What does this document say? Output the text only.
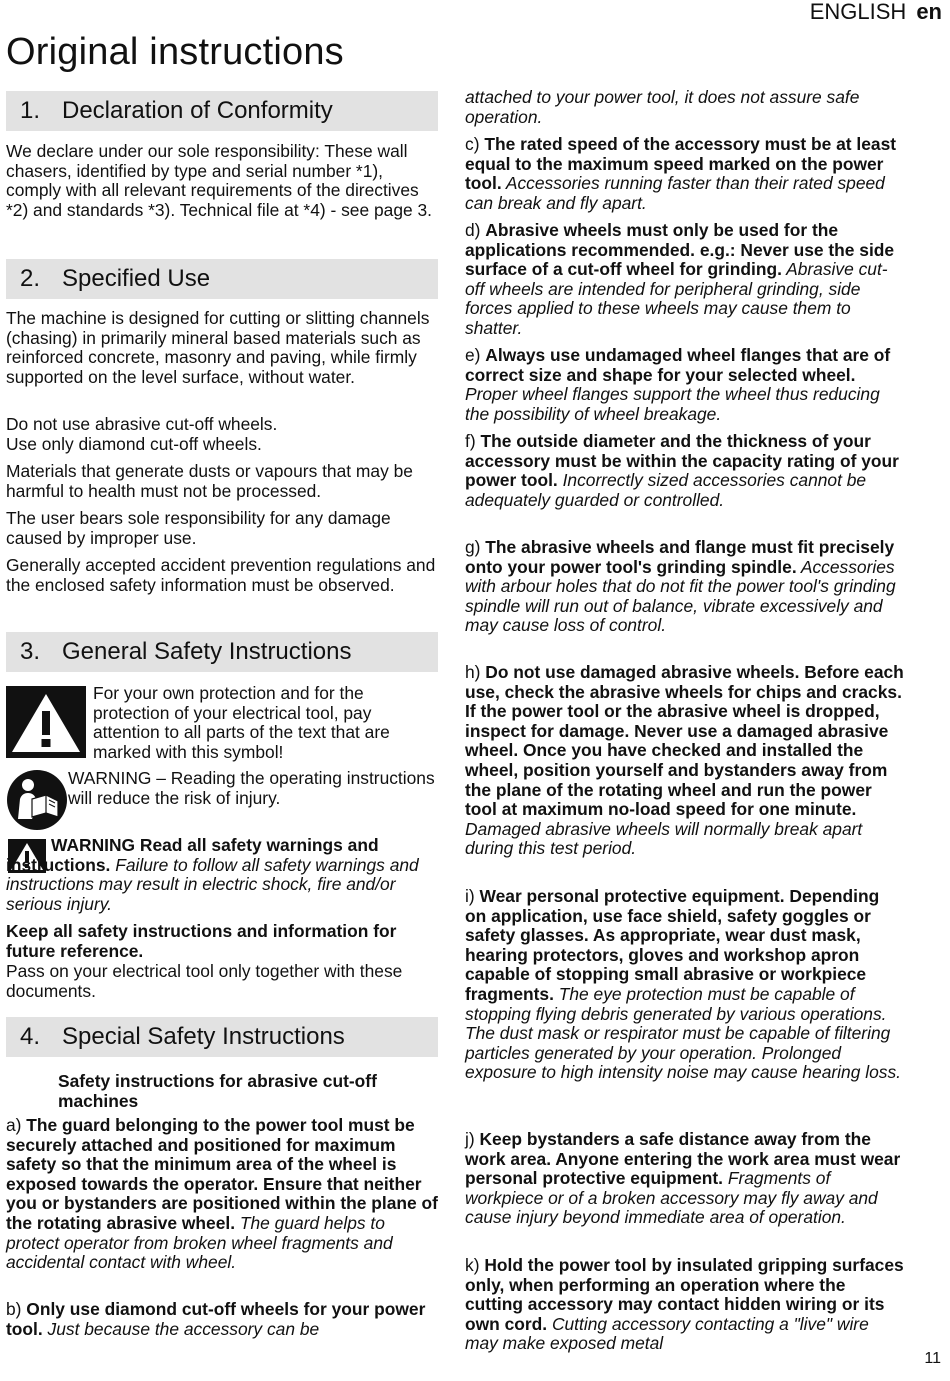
ENGLISH en
Original instructions
1. Declaration of Conformity

We declare under our sole responsibility: These wall chasers, identified by type and serial number *1), comply with all relevant requirements of the directives *2) and standards *3). Technical file at *4) - see page 3.

2. Specified Use

The machine is designed for cutting or slitting channels (chasing) in primarily mineral based materials such as reinforced concrete, masonry and paving, while firmly supported on the level surface, without water.

Do not use abrasive cut-off wheels.

Use only diamond cut-off wheels.

Materials that generate dusts or vapours that may be harmful to health must not be processed.

The user bears sole responsibility for any damage caused by improper use.

Generally accepted accident prevention regulations and the enclosed safety information must be observed.

3. General Safety Instructions

For your own protection and for the protection of your electrical tool, pay attention to all parts of the text that are marked with this symbol!

WARNING – Reading the operating instructions will reduce the risk of injury.

WARNING Read all safety warnings and instructions. Failure to follow all safety warnings and instructions may result in electric shock, fire and/or serious injury.

Keep all safety instructions and information for future reference.

Pass on your electrical tool only together with these documents.

4. Special Safety Instructions

Safety instructions for abrasive cut-off machines

a) The guard belonging to the power tool must be securely attached and positioned for maximum safety so that the minimum area of the wheel is exposed towards the operator. Ensure that neither you or bystanders are positioned within the plane of the rotating abrasive wheel. The guard helps to protect operator from broken wheel fragments and accidental contact with wheel.

b) Only use diamond cut-off wheels for your power tool. Just because the accessory can be

attached to your power tool, it does not assure safe operation.

c) The rated speed of the accessory must be at least equal to the maximum speed marked on the power tool. Accessories running faster than their rated speed can break and fly apart.

d) Abrasive wheels must only be used for the applications recommended. e.g.: Never use the side surface of a cut-off wheel for grinding. Abrasive cut-off wheels are intended for peripheral grinding, side forces applied to these wheels may cause them to shatter.

e) Always use undamaged wheel flanges that are of correct size and shape for your selected wheel. Proper wheel flanges support the wheel thus reducing the possibility of wheel breakage.

f) The outside diameter and the thickness of your accessory must be within the capacity rating of your power tool. Incorrectly sized accessories cannot be adequately guarded or controlled.

g) The abrasive wheels and flange must fit precisely onto your power tool's grinding spindle. Accessories with arbour holes that do not fit the power tool's grinding spindle will run out of balance, vibrate excessively and may cause loss of control.

h) Do not use damaged abrasive wheels. Before each use, check the abrasive wheels for chips and cracks. If the power tool or the abrasive wheel is dropped, inspect for damage. Never use a damaged abrasive wheel. Once you have checked and installed the wheel, position yourself and bystanders away from the plane of the rotating wheel and run the power tool at maximum no-load speed for one minute. Damaged abrasive wheels will normally break apart during this test period.

i) Wear personal protective equipment. Depending on application, use face shield, safety goggles or safety glasses. As appropriate, wear dust mask, hearing protectors, gloves and workshop apron capable of stopping small abrasive or workpiece fragments. The eye protection must be capable of stopping flying debris generated by various operations. The dust mask or respirator must be capable of filtering particles generated by your operation. Prolonged exposure to high intensity noise may cause hearing loss.

j) Keep bystanders a safe distance away from the work area. Anyone entering the work area must wear personal protective equipment. Fragments of workpiece or of a broken accessory may fly away and cause injury beyond immediate area of operation.

k) Hold the power tool by insulated gripping surfaces only, when performing an operation where the cutting accessory may contact hidden wiring or its own cord. Cutting accessory contacting a "live" wire may make exposed metal

11
